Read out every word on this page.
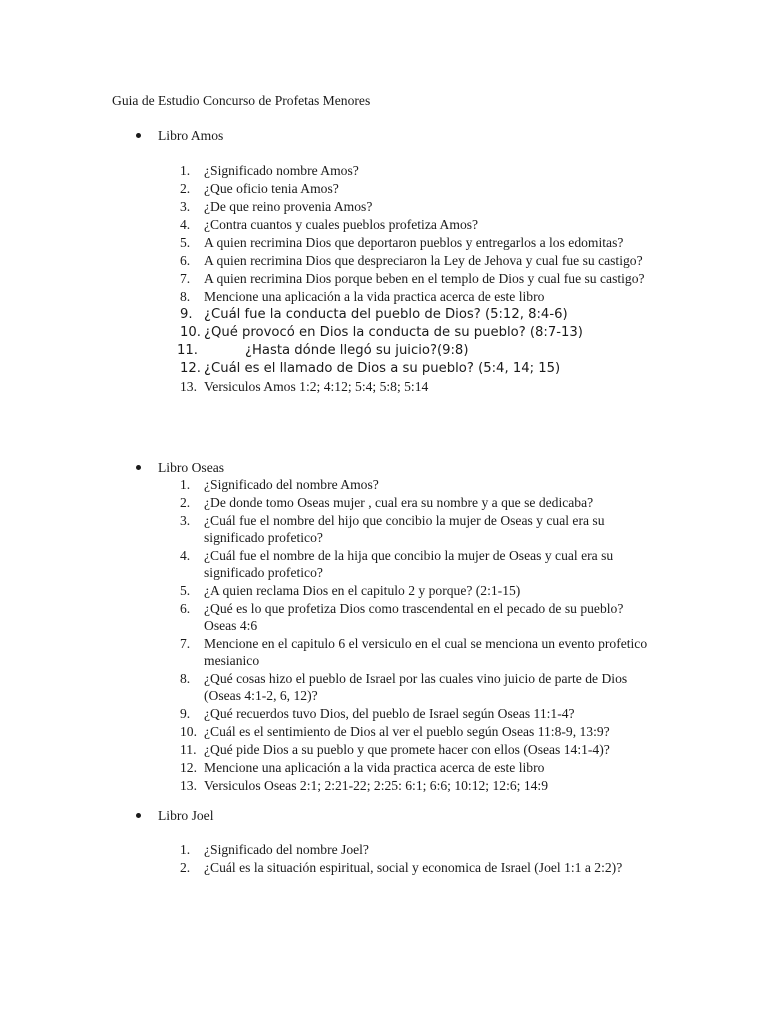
Guia de Estudio Concurso de Profetas Menores
Libro Amos
1. ¿Significado nombre Amos?
2. ¿Que oficio tenia Amos?
3. ¿De que reino provenia Amos?
4. ¿Contra cuantos y cuales pueblos profetiza Amos?
5. A quien recrimina Dios que deportaron pueblos y entregarlos a los edomitas?
6. A quien recrimina Dios que despreciaron la Ley de Jehova y cual fue su castigo?
7. A quien recrimina Dios porque beben en el templo de Dios y cual fue su castigo?
8. Mencione una aplicación a la vida practica acerca de este libro
9. ¿Cuál fue la conducta del pueblo de Dios? (5:12, 8:4-6)
10. ¿Qué provocó en Dios la conducta de su pueblo? (8:7-13)
11.	¿Hasta dónde llegó su juicio?(9:8)
12. ¿Cuál es el llamado de Dios a su pueblo? (5:4, 14; 15)
13. Versiculos Amos 1:2; 4:12; 5:4; 5:8; 5:14
Libro Oseas
1. ¿Significado del nombre Amos?
2. ¿De donde tomo Oseas mujer , cual era su nombre y a que se dedicaba?
3. ¿Cuál fue el nombre del hijo que concibio la mujer de Oseas y cual era su significado profetico?
4. ¿Cuál fue el nombre de la hija que concibio la mujer de Oseas y cual era su significado profetico?
5. ¿A quien reclama Dios en el capitulo 2 y porque? (2:1-15)
6. ¿Qué es lo que profetiza Dios como trascendental en el pecado de su pueblo? Oseas 4:6
7. Mencione en el capitulo 6 el versiculo en el cual se menciona un evento profetico mesianico
8. ¿Qué cosas hizo el pueblo de Israel por las cuales vino juicio de parte de Dios (Oseas 4:1-2, 6, 12)?
9. ¿Qué recuerdos tuvo Dios, del pueblo de Israel según Oseas 11:1-4?
10. ¿Cuál es el sentimiento de Dios al ver el pueblo según Oseas 11:8-9, 13:9?
11. ¿Qué pide Dios a su pueblo y que promete hacer con ellos (Oseas 14:1-4)?
12. Mencione una aplicación a la vida practica acerca de este libro
13. Versiculos Oseas 2:1; 2:21-22; 2:25: 6:1; 6:6; 10:12; 12:6; 14:9
Libro Joel
1. ¿Significado del nombre Joel?
2. ¿Cuál es la situación espiritual, social y economica de Israel (Joel 1:1 a 2:2)?
